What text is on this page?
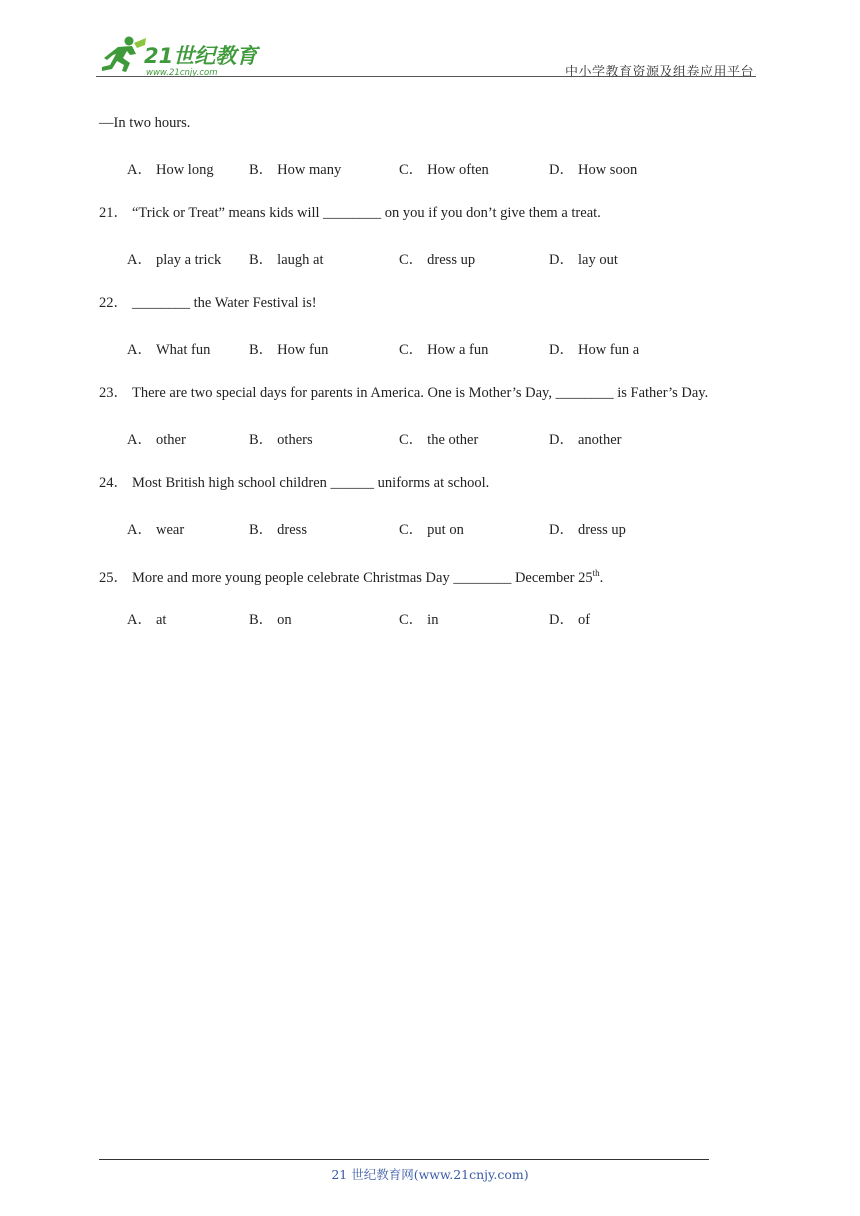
21世纪教育
www.21cnjy.com	中小学教育资源及组卷应用平台
—In two hours.
A． How long B． How many	C． How often	D． How soon
21． “Trick or Treat” means kids will ________ on you if you don’t give them a treat.
A． play a trick B． laugh at	C． dress up	D． lay out
22． ________ the Water Festival is!
A． What fun	B． How fun	C． How a fun	D． How fun a
23． There are two special days for parents in America. One is Mother’s Day, ________ is Father’s Day.
A． other	B． others	C． the other	D． another
24． Most British high school children ______ uniforms at school.
A． wear	B． dress	C． put on	D． dress up
25． More and more young people celebrate Christmas Day ________ December 25th.
A． at	B． on	C． in	D． of
21 世纪教育网(www.21cnjy.com)
